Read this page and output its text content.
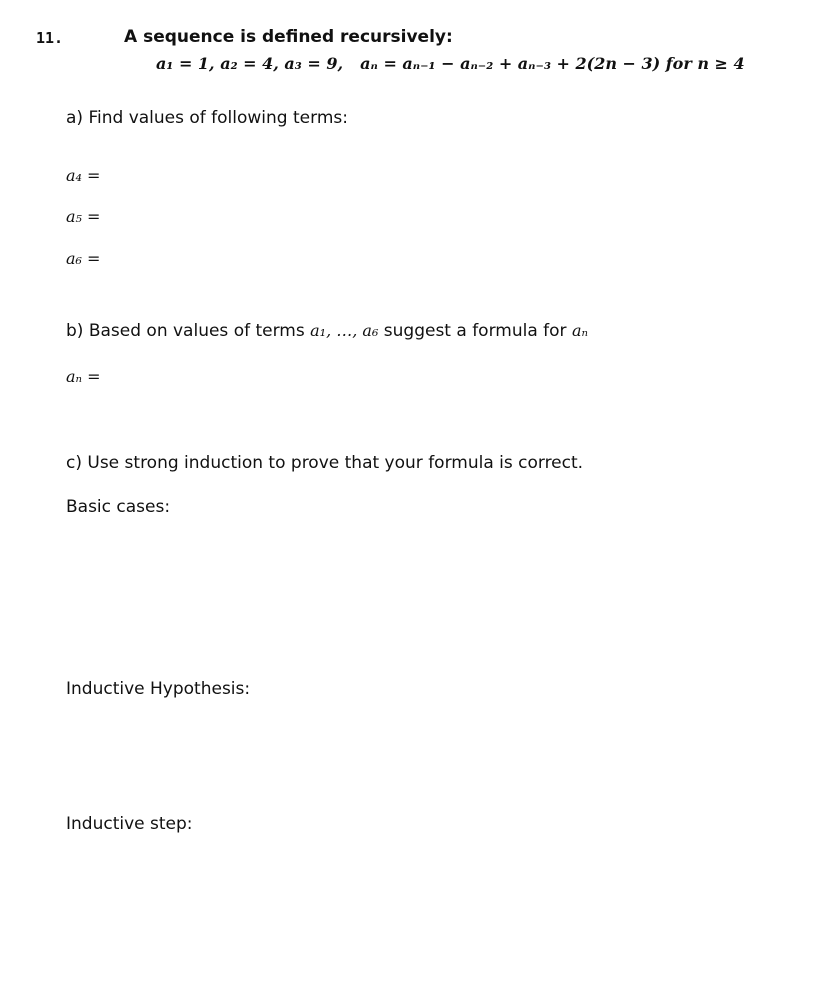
11.	A sequence is defined recursively:
a₁ = 1, a₂ = 4, a₃ = 9, aₙ = aₙ₋₁ − aₙ₋₂ + aₙ₋₃ + 2(2n − 3) for n ≥ 4
a) Find values of following terms:
a₄ =
a₅ =
a₆ =
b) Based on values of terms a₁, …, a₆ suggest a formula for aₙ
aₙ =
c) Use strong induction to prove that your formula is correct.
Basic cases:
Inductive Hypothesis:
Inductive step:
